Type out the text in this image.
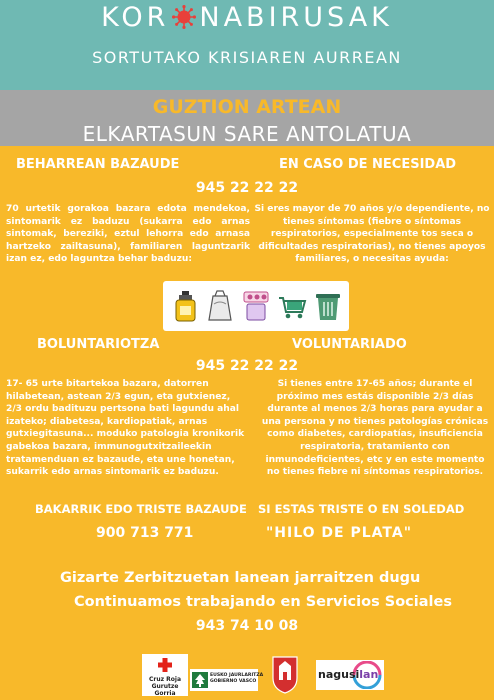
KOR NABIRUSAK
SORTUTAKO KRISIAREN AURREAN
GUZTION ARTEAN
ELKARTASUN SARE ANTOLATUA
BEHARREAN BAZAUDE	EN CASO DE NECESIDAD
945 22 22 22
70 urtetik gorakoa bazara edota mendekoa,
sintomarik ez baduzu (sukarra edo arnas
sintomak, bereziki, eztul lehorra edo arnasa
hartzeko zailtasuna), familiaren laguntzarik
izan ez, edo laguntza behar baduzu:
Si eres mayor de 70 años y/o dependiente, no
tienes síntomas (fiebre o síntomas
respiratorios, especialmente tos seca o
dificultades respiratorias), no tienes apoyos
familiares, o necesitas ayuda:
BOLUNTARIOTZA	VOLUNTARIADO
945 22 22 22
17- 65 urte bitartekoa bazara, datorren
hilabetean, astean 2/3 egun, eta gutxienez,
2/3 ordu badituzu pertsona bati lagundu ahal
izateko; diabetesa, kardiopatiak, arnas
gutxiegitasuna... moduko patologia kronikorik
gabekoa bazara, immunogutxitzaileekin
tratamenduan ez bazaude, eta une honetan,
sukarrik edo arnas sintomarik ez baduzu.
Si tienes entre 17-65 años; durante el
próximo mes estás disponible 2/3 días
durante al menos 2/3 horas para ayudar a
una persona y no tienes patologías crónicas
como diabetes, cardiopatías, insuficiencia
respiratoria, tratamiento con
inmunodeficientes, etc y en este momento
no tienes fiebre ni síntomas respiratorios.
BAKARRIK EDO TRISTE BAZAUDE SI ESTAS TRISTE O EN SOLEDAD
900 713 771	"HILO DE PLATA"
Gizarte Zerbitzuetan lanean jarraitzen dugu
Continuamos trabajando en Servicios Sociales
943 74 10 08
Cruz Roja
Gurutze Gorria
EUSKO JAURLARITZA
GOBIERNO VASCO
nagusilan
